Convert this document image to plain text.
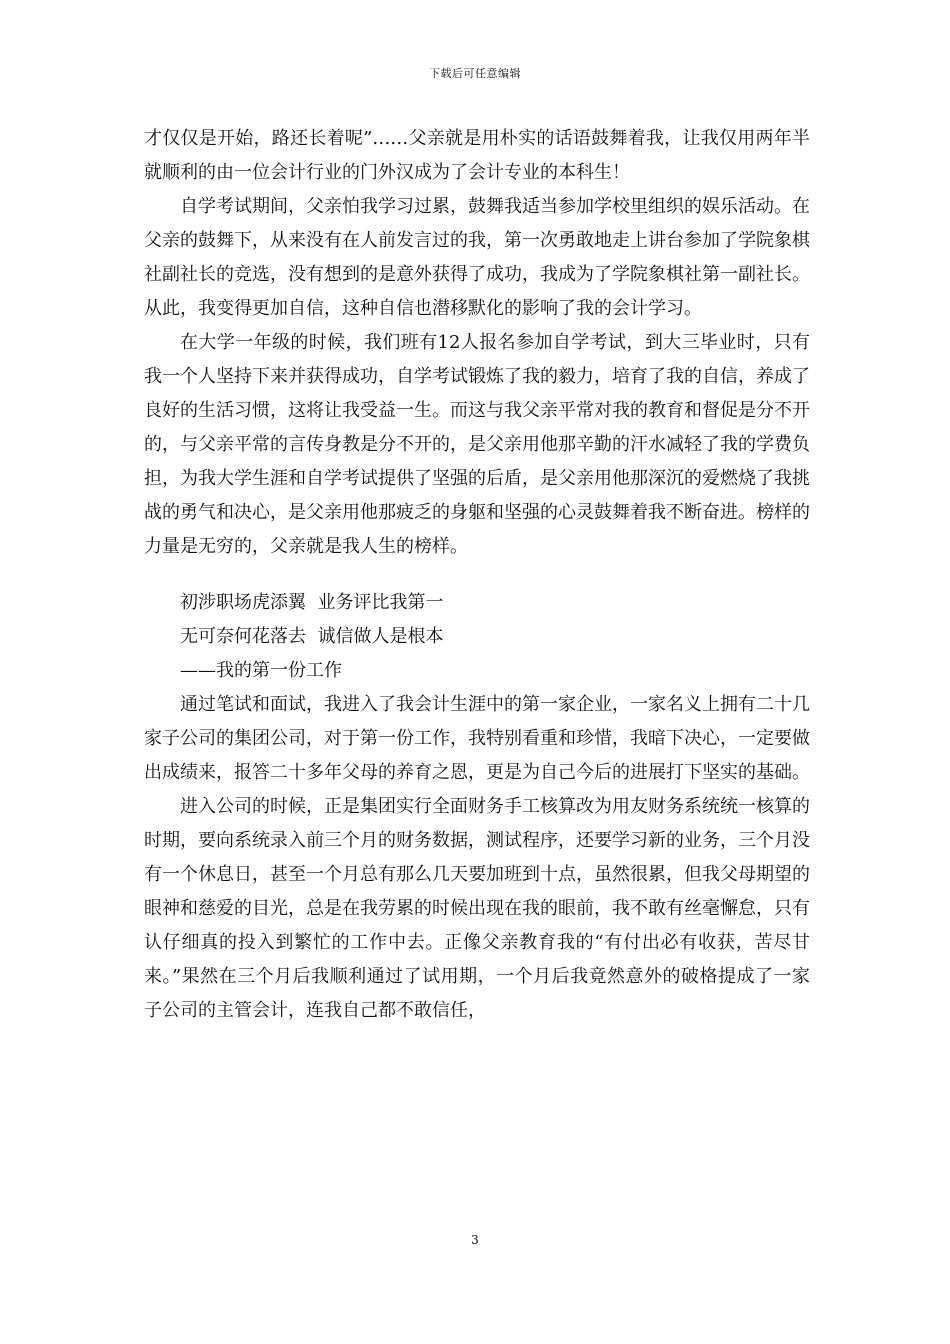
下载后可任意编辑

才仅仅是开始，路还长着呢”……父亲就是用朴实的话语鼓舞着我，让我仅用两年半就顺利的由一位会计行业的门外汉成为了会计专业的本科生！

自学考试期间，父亲怕我学习过累，鼓舞我适当参加学校里组织的娱乐活动。在父亲的鼓舞下，从来没有在人前发言过的我，第一次勇敢地走上讲台参加了学院象棋社副社长的竞选，没有想到的是意外获得了成功，我成为了学院象棋社第一副社长。从此，我变得更加自信，这种自信也潜移默化的影响了我的会计学习。

在大学一年级的时候，我们班有12人报名参加自学考试，到大三毕业时，只有我一个人坚持下来并获得成功，自学考试锻炼了我的毅力，培育了我的自信，养成了良好的生活习惯，这将让我受益一生。而这与我父亲平常对我的教育和督促是分不开的，与父亲平常的言传身教是分不开的，是父亲用他那辛勤的汗水减轻了我的学费负担，为我大学生涯和自学考试提供了坚强的后盾，是父亲用他那深沉的爱燃烧了我挑战的勇气和决心，是父亲用他那疲乏的身躯和坚强的心灵鼓舞着我不断奋进。榜样的力量是无穷的，父亲就是我人生的榜样。

初涉职场虎添翼  业务评比我第一

无可奈何花落去  诚信做人是根本

——我的第一份工作

通过笔试和面试，我进入了我会计生涯中的第一家企业，一家名义上拥有二十几家子公司的集团公司，对于第一份工作，我特别看重和珍惜，我暗下决心，一定要做出成绩来，报答二十多年父母的养育之恩，更是为自己今后的进展打下坚实的基础。

进入公司的时候，正是集团实行全面财务手工核算改为用友财务系统统一核算的时期，要向系统录入前三个月的财务数据，测试程序，还要学习新的业务，三个月没有一个休息日，甚至一个月总有那么几天要加班到十点，虽然很累，但我父母期望的眼神和慈爱的目光，总是在我劳累的时候出现在我的眼前，我不敢有丝毫懈怠，只有认仔细真的投入到繁忙的工作中去。正像父亲教育我的“有付出必有收获，苦尽甘来。”果然在三个月后我顺利通过了试用期，一个月后我竟然意外的破格提成了一家子公司的主管会计，连我自己都不敢信任，

3
